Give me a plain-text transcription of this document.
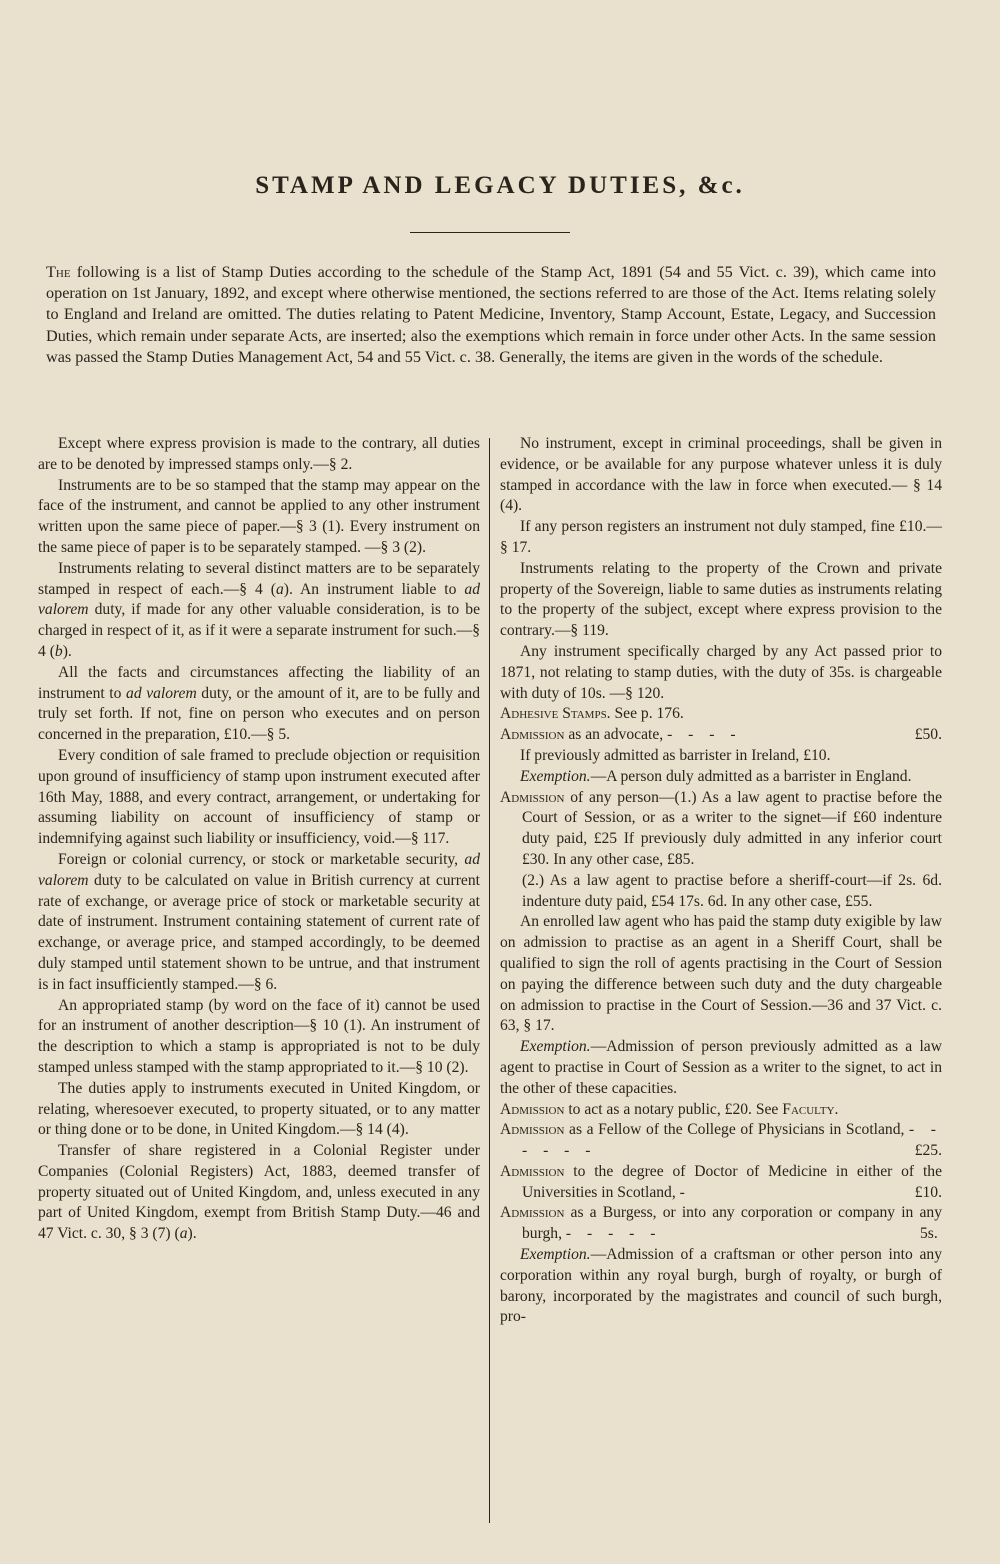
STAMP AND LEGACY DUTIES, &c.

The following is a list of Stamp Duties according to the schedule of the Stamp Act, 1891 (54 and 55 Vict. c. 39), which came into operation on 1st January, 1892, and except where otherwise mentioned, the sections referred to are those of the Act. Items relating solely to England and Ireland are omitted. The duties relating to Patent Medicine, Inventory, Stamp Account, Estate, Legacy, and Succession Duties, which remain under separate Acts, are inserted; also the exemptions which remain in force under other Acts. In the same session was passed the Stamp Duties Management Act, 54 and 55 Vict. c. 38. Generally, the items are given in the words of the schedule.

Except where express provision is made to the contrary, all duties are to be denoted by impressed stamps only.—§ 2.

Instruments are to be so stamped that the stamp may appear on the face of the instrument, and cannot be applied to any other instrument written upon the same piece of paper.—§ 3 (1). Every instrument on the same piece of paper is to be separately stamped. —§ 3 (2).

Instruments relating to several distinct matters are to be separately stamped in respect of each.—§ 4 (a). An instrument liable to ad valorem duty, if made for any other valuable consideration, is to be charged in respect of it, as if it were a separate instrument for such.—§ 4 (b).

All the facts and circumstances affecting the liability of an instrument to ad valorem duty, or the amount of it, are to be fully and truly set forth. If not, fine on person who executes and on person concerned in the preparation, £10.—§ 5.

Every condition of sale framed to preclude objection or requisition upon ground of insufficiency of stamp upon instrument executed after 16th May, 1888, and every contract, arrangement, or undertaking for assuming liability on account of insufficiency of stamp or indemnifying against such liability or insufficiency, void.—§ 117.

Foreign or colonial currency, or stock or marketable security, ad valorem duty to be calculated on value in British currency at current rate of exchange, or average price of stock or marketable security at date of instrument. Instrument containing statement of current rate of exchange, or average price, and stamped accordingly, to be deemed duly stamped until statement shown to be untrue, and that instrument is in fact insufficiently stamped.—§ 6.

An appropriated stamp (by word on the face of it) cannot be used for an instrument of another description—§ 10 (1). An instrument of the description to which a stamp is appropriated is not to be duly stamped unless stamped with the stamp appropriated to it.—§ 10 (2).

The duties apply to instruments executed in United Kingdom, or relating, wheresoever executed, to property situated, or to any matter or thing done or to be done, in United Kingdom.—§ 14 (4).

Transfer of share registered in a Colonial Register under Companies (Colonial Registers) Act, 1883, deemed transfer of property situated out of United Kingdom, and, unless executed in any part of United Kingdom, exempt from British Stamp Duty.—46 and 47 Vict. c. 30, § 3 (7) (a).

No instrument, except in criminal proceedings, shall be given in evidence, or be available for any purpose whatever unless it is duly stamped in accordance with the law in force when executed.— § 14 (4).

If any person registers an instrument not duly stamped, fine £10.—§ 17.

Instruments relating to the property of the Crown and private property of the Sovereign, liable to same duties as instruments relating to the property of the subject, except where express provision to the contrary.—§ 119.

Any instrument specifically charged by any Act passed prior to 1871, not relating to stamp duties, with the duty of 35s. is chargeable with duty of 10s. —§ 120.

Adhesive Stamps. See p. 176.

Admission as an advocate, - - - -	£50.

If previously admitted as barrister in Ireland, £10.

Exemption.—A person duly admitted as a barrister in England.

Admission of any person—(1.) As a law agent to practise before the Court of Session, or as a writer to the signet—if £60 indenture duty paid, £25 If previously duly admitted in any inferior court £30. In any other case, £85.

(2.) As a law agent to practise before a sheriff-court—if 2s. 6d. indenture duty paid, £54 17s. 6d. In any other case, £55.

An enrolled law agent who has paid the stamp duty exigible by law on admission to practise as an agent in a Sheriff Court, shall be qualified to sign the roll of agents practising in the Court of Session on paying the difference between such duty and the duty chargeable on admission to practise in the Court of Session.—36 and 37 Vict. c. 63, § 17.

Exemption.—Admission of person previously admitted as a law agent to practise in Court of Session as a writer to the signet, to act in the other of these capacities.

Admission to act as a notary public, £20. See Faculty.

Admission as a Fellow of the College of Physicians in Scotland, - - - - - -	£25.

Admission to the degree of Doctor of Medicine in either of the Universities in Scotland, -	£10.

Admission as a Burgess, or into any corporation or company in any burgh, - - - - -	5s.

Exemption.—Admission of a craftsman or other person into any corporation within any royal burgh, burgh of royalty, or burgh of barony, incorporated by the magistrates and council of such burgh, pro-
